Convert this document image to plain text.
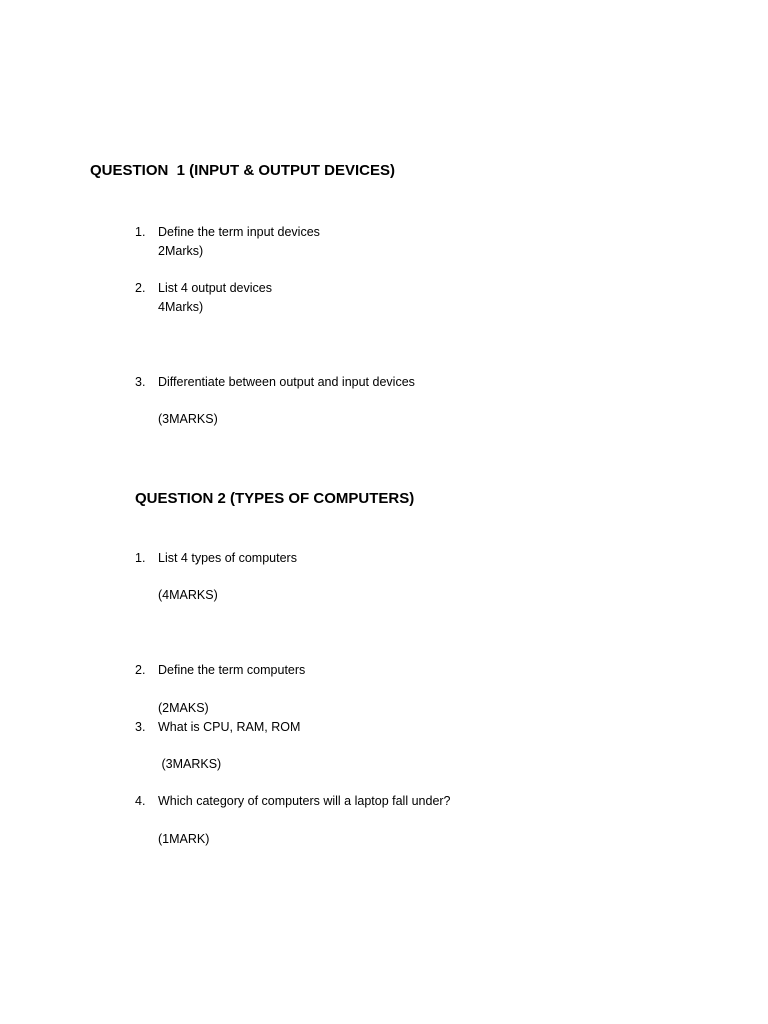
QUESTION  1 (INPUT & OUTPUT DEVICES)
1. Define the term input devices
2Marks)
2. List 4 output devices
4Marks)
3. Differentiate between output and input devices
(3MARKS)
QUESTION 2 (TYPES OF COMPUTERS)
1. List 4 types of computers
(4MARKS)
2. Define the term computers
(2MAKS)
3. What is CPU, RAM, ROM
(3MARKS)
4. Which category of computers will a laptop fall under?
(1MARK)
